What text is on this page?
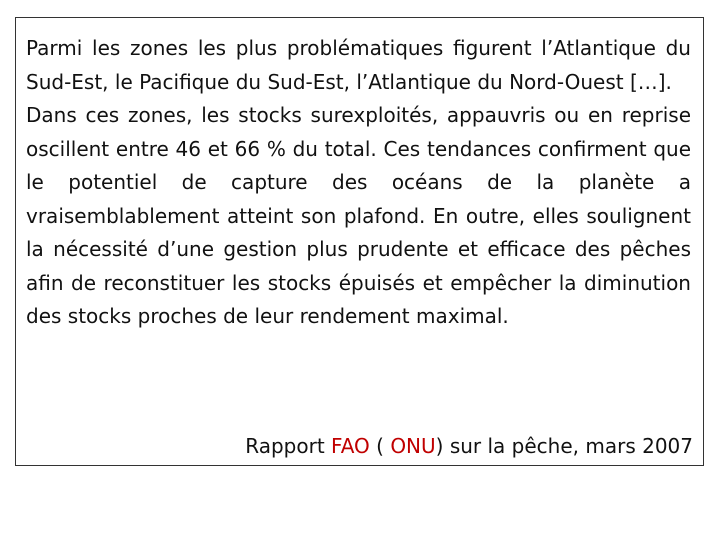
Parmi les zones les plus problématiques figurent l’Atlantique du Sud-Est, le Pacifique du Sud-Est, l’Atlantique du Nord-Ouest […].

Dans ces zones, les stocks surexploités, appauvris ou en reprise oscillent entre 46 et 66 % du total. Ces tendances confirment que le potentiel de capture des océans de la planète a vraisemblablement atteint son plafond. En outre, elles soulignent la nécessité d’une gestion plus prudente et efficace des pêches afin de reconstituer les stocks épuisés et empêcher la diminution des stocks proches de leur rendement maximal.

Rapport FAO ( ONU) sur la pêche, mars 2007
